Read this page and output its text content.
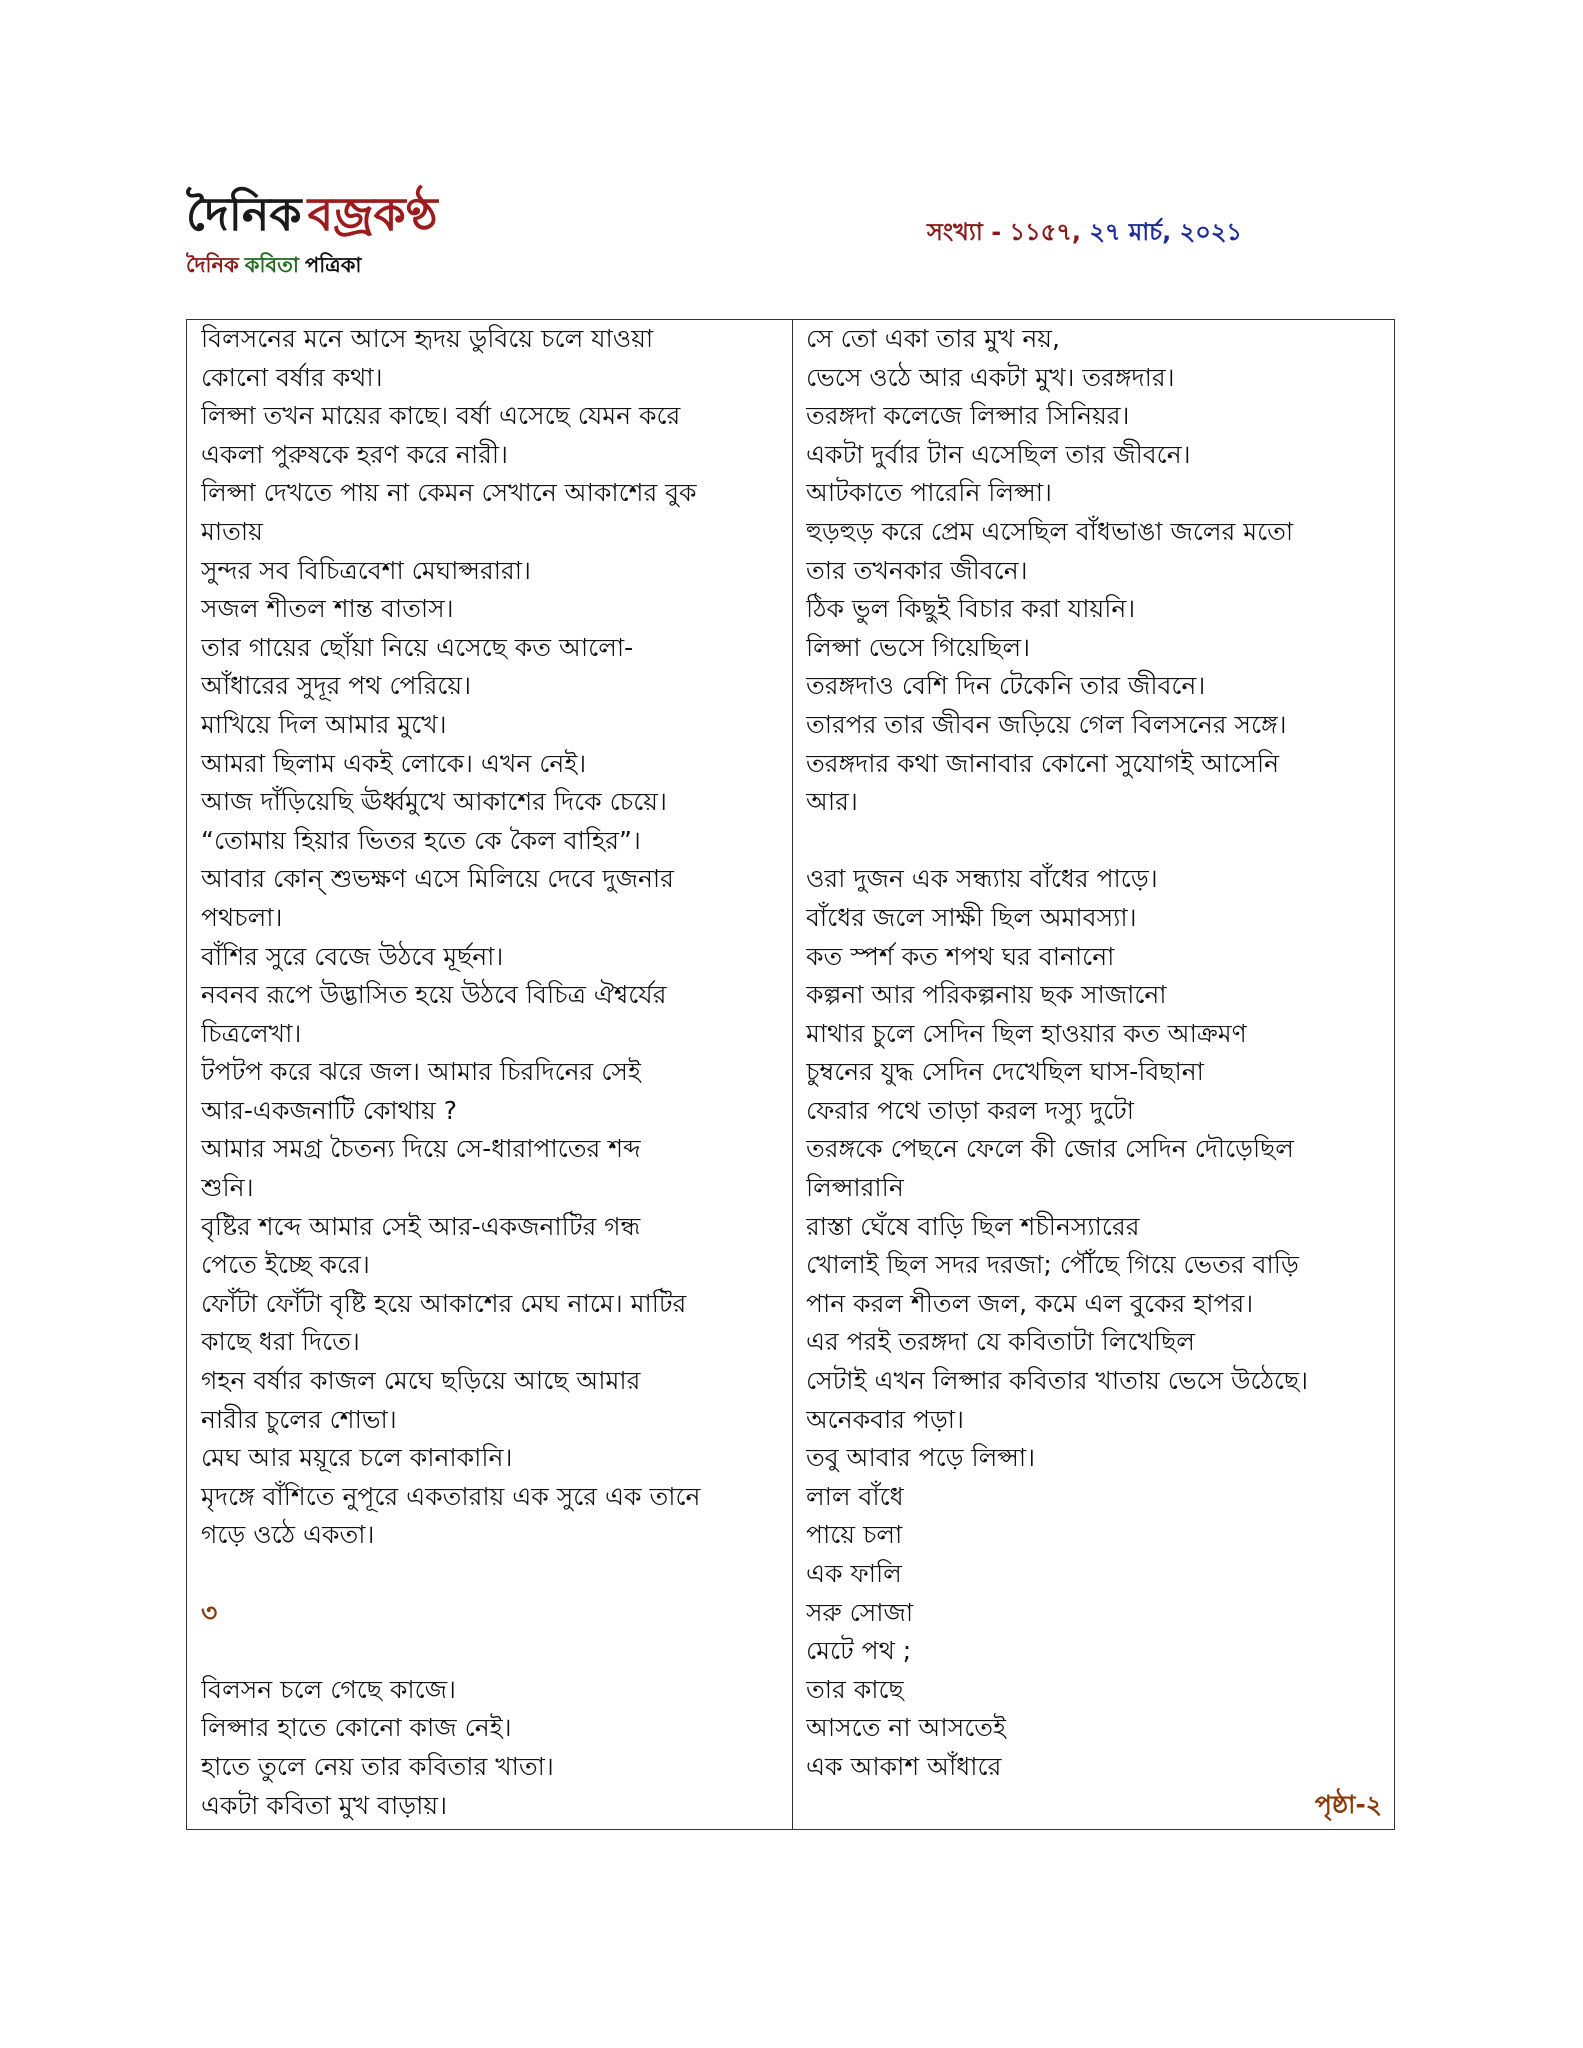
দৈনিক বজ্রকণ্ঠ
দৈনিক কবিতা পত্রিকা
সংখ্যা - ১১৫৭, ২৭ মার্চ, ২০২১
বিলসনের মনে আসে হৃদয় ডুবিয়ে চলে যাওয়া
কোনো বর্ষার কথা।
লিপ্সা তখন মায়ের কাছে। বর্ষা এসেছে যেমন করে
একলা পুরুষকে হরণ করে নারী।
লিপ্সা দেখতে পায় না কেমন সেখানে আকাশের বুক
মাতায়
সুন্দর সব বিচিত্রবেশা মেঘাপ্সরারা।
সজল শীতল শান্ত বাতাস।
তার গায়ের ছোঁয়া নিয়ে এসেছে কত আলো-
আঁধারের সুদূর পথ পেরিয়ে।
মাখিয়ে দিল আমার মুখে।
আমরা ছিলাম একই লোকে। এখন নেই।
আজ দাঁড়িয়েছি ঊর্ধ্বমুখে আকাশের দিকে চেয়ে।
“তোমায় হিয়ার ভিতর হতে কে কৈল বাহির”।
আবার কোন্ শুভক্ষণ এসে মিলিয়ে দেবে দুজনার
পথচলা।
বাঁশির সুরে বেজে উঠবে মূর্ছনা।
নবনব রূপে উদ্ভাসিত হয়ে উঠবে বিচিত্র ঐশ্বর্যের
চিত্রলেখা।
টপটপ করে ঝরে জল। আমার চিরদিনের সেই
আর-একজনাটি কোথায় ?
আমার সমগ্র চৈতন্য দিয়ে সে-ধারাপাতের শব্দ
শুনি।
বৃষ্টির শব্দে আমার সেই আর-একজনাটির গন্ধ
পেতে ইচ্ছে করে।
ফোঁটা ফোঁটা বৃষ্টি হয়ে আকাশের মেঘ নামে। মাটির
কাছে ধরা দিতে।
গহন বর্ষার কাজল মেঘে ছড়িয়ে আছে আমার
নারীর চুলের শোভা।
মেঘ আর ময়ূরে চলে কানাকানি।
মৃদঙ্গে বাঁশিতে নুপূরে একতারায় এক সুরে এক তানে
গড়ে ওঠে একতা।
৩
বিলসন চলে গেছে কাজে।
লিপ্সার হাতে কোনো কাজ নেই।
হাতে তুলে নেয় তার কবিতার খাতা।
একটা কবিতা মুখ বাড়ায়।
সে তো একা তার মুখ নয়,
ভেসে ওঠে আর একটা মুখ। তরঙ্গদার।
তরঙ্গদা কলেজে লিপ্সার সিনিয়র।
একটা দুর্বার টান এসেছিল তার জীবনে।
আটকাতে পারেনি লিপ্সা।
হুড়হুড় করে প্রেম এসেছিল বাঁধভাঙা জলের মতো
তার তখনকার জীবনে।
ঠিক ভুল কিছুই বিচার করা যায়নি।
লিপ্সা ভেসে গিয়েছিল।
তরঙ্গদাও বেশি দিন টেকেনি তার জীবনে।
তারপর তার জীবন জড়িয়ে গেল বিলসনের সঙ্গে।
তরঙ্গদার কথা জানাবার কোনো সুযোগই আসেনি
আর।
ওরা দুজন এক সন্ধ্যায় বাঁধের পাড়ে।
বাঁধের জলে সাক্ষী ছিল অমাবস্যা।
কত স্পর্শ কত শপথ ঘর বানানো
কল্পনা আর পরিকল্পনায় ছক সাজানো
মাথার চুলে সেদিন ছিল হাওয়ার কত আক্রমণ
চুম্বনের যুদ্ধ সেদিন দেখেছিল ঘাস-বিছানা
ফেরার পথে তাড়া করল দস্যু দুটো
তরঙ্গকে পেছনে ফেলে কী জোর সেদিন দৌড়েছিল
লিপ্সারানি
রাস্তা ঘেঁষে বাড়ি ছিল শচীনস্যারের
খোলাই ছিল সদর দরজা; পৌঁছে গিয়ে ভেতর বাড়ি
পান করল শীতল জল, কমে এল বুকের হাপর।
এর পরই তরঙ্গদা যে কবিতাটা লিখেছিল
সেটাই এখন লিপ্সার কবিতার খাতায় ভেসে উঠেছে।
অনেকবার পড়া।
তবু আবার পড়ে লিপ্সা।
লাল বাঁধে
পায়ে চলা
এক ফালি
সরু সোজা
মেটে পথ ;
তার কাছে
আসতে না আসতেই
এক আকাশ আঁধারে
পৃষ্ঠা-২
